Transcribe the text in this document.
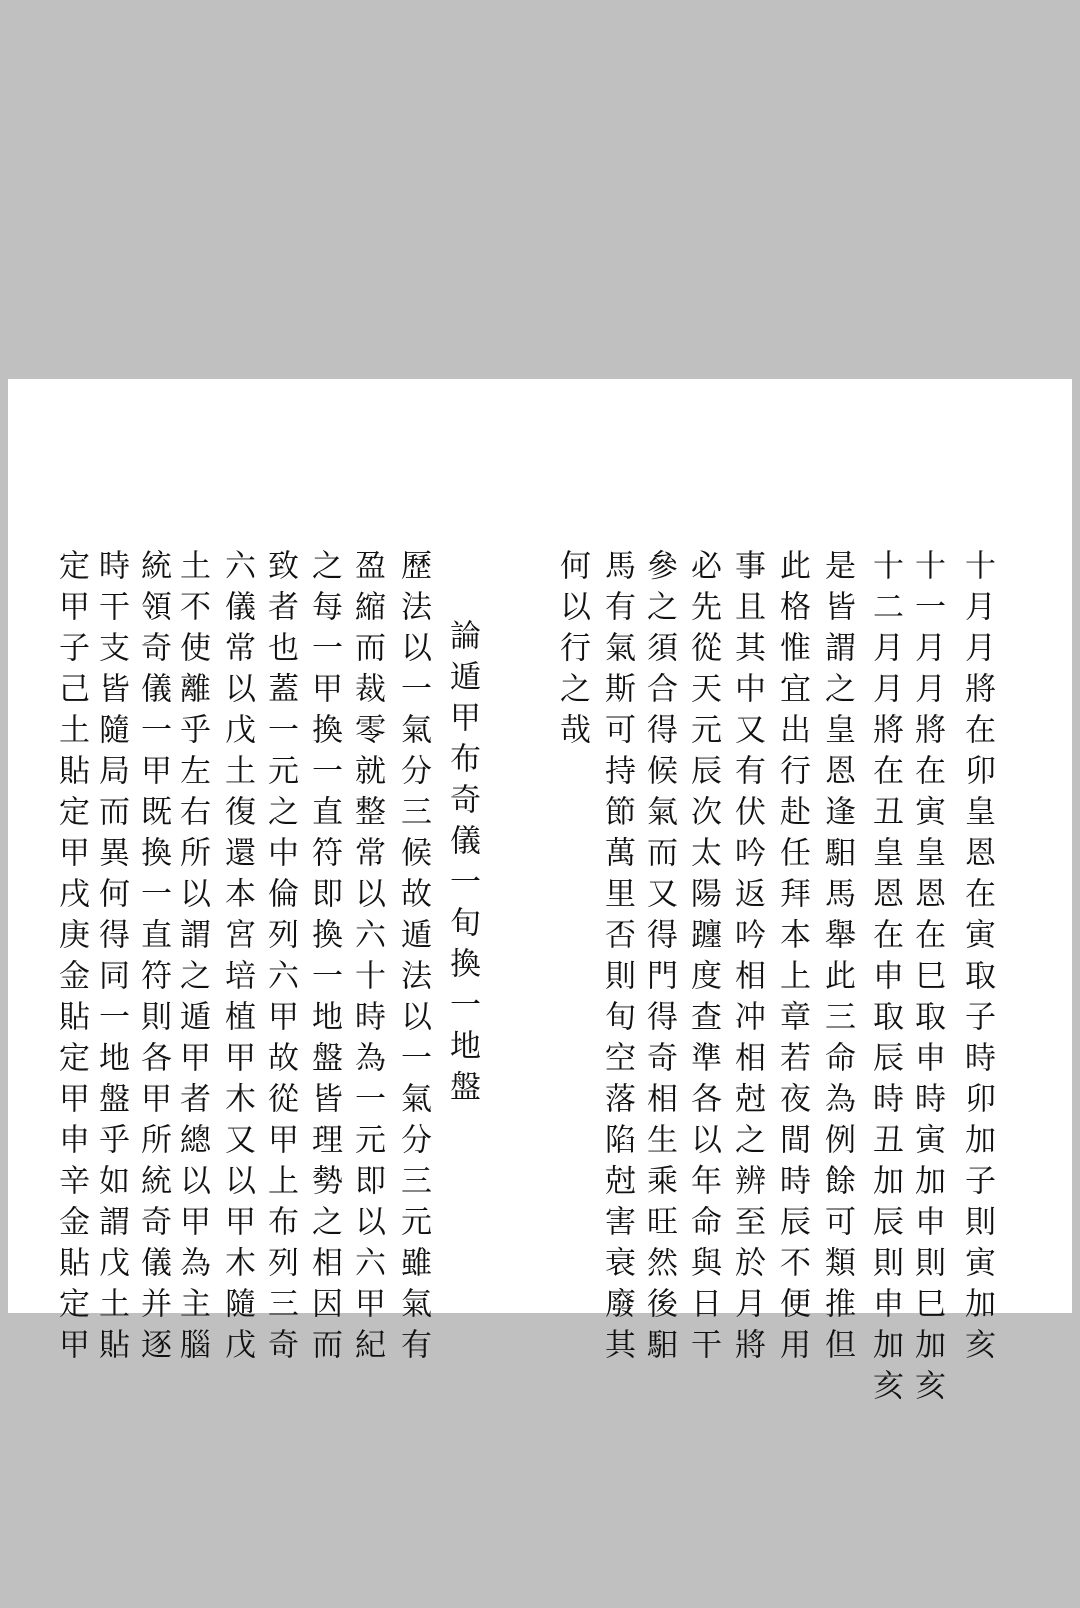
十月月將在卯皇恩在寅取子時卯加子則寅加亥
十一月月將在寅皇恩在巳取申時寅加申則巳加亥
十二月月將在丑皇恩在申取辰時丑加辰則申加亥
是皆謂之皇恩逢馹馬舉此三命為例餘可類推但
此格惟宜出行赴任拜本上章若夜間時辰不便用
事且其中又有伏吟返吟相冲相尅之辨至於月將
必先從天元辰次太陽躔度查準各以年命與日干
參之須合得候氣而又得門得奇相生乘旺然後馹
馬有氣斯可持節萬里否則旬空落陷尅害衰廢其
何以行之哉
論遁甲布奇儀一旬換一地盤
歷法以一氣分三候故遁法以一氣分三元雖氣有
盈縮而裁零就整常以六十時為一元即以六甲紀
之每一甲換一直符即換一地盤皆理勢之相因而
致者也蓋一元之中倫列六甲故從甲上布列三奇
六儀常以戊土復還本宮培植甲木又以甲木隨戊
土不使離乎左右所以謂之遁甲者總以甲為主腦
統領奇儀一甲既換一直符則各甲所統奇儀并逐
時干支皆隨局而異何得同一地盤乎如謂戊土貼
定甲子己土貼定甲戌庚金貼定甲申辛金貼定甲
